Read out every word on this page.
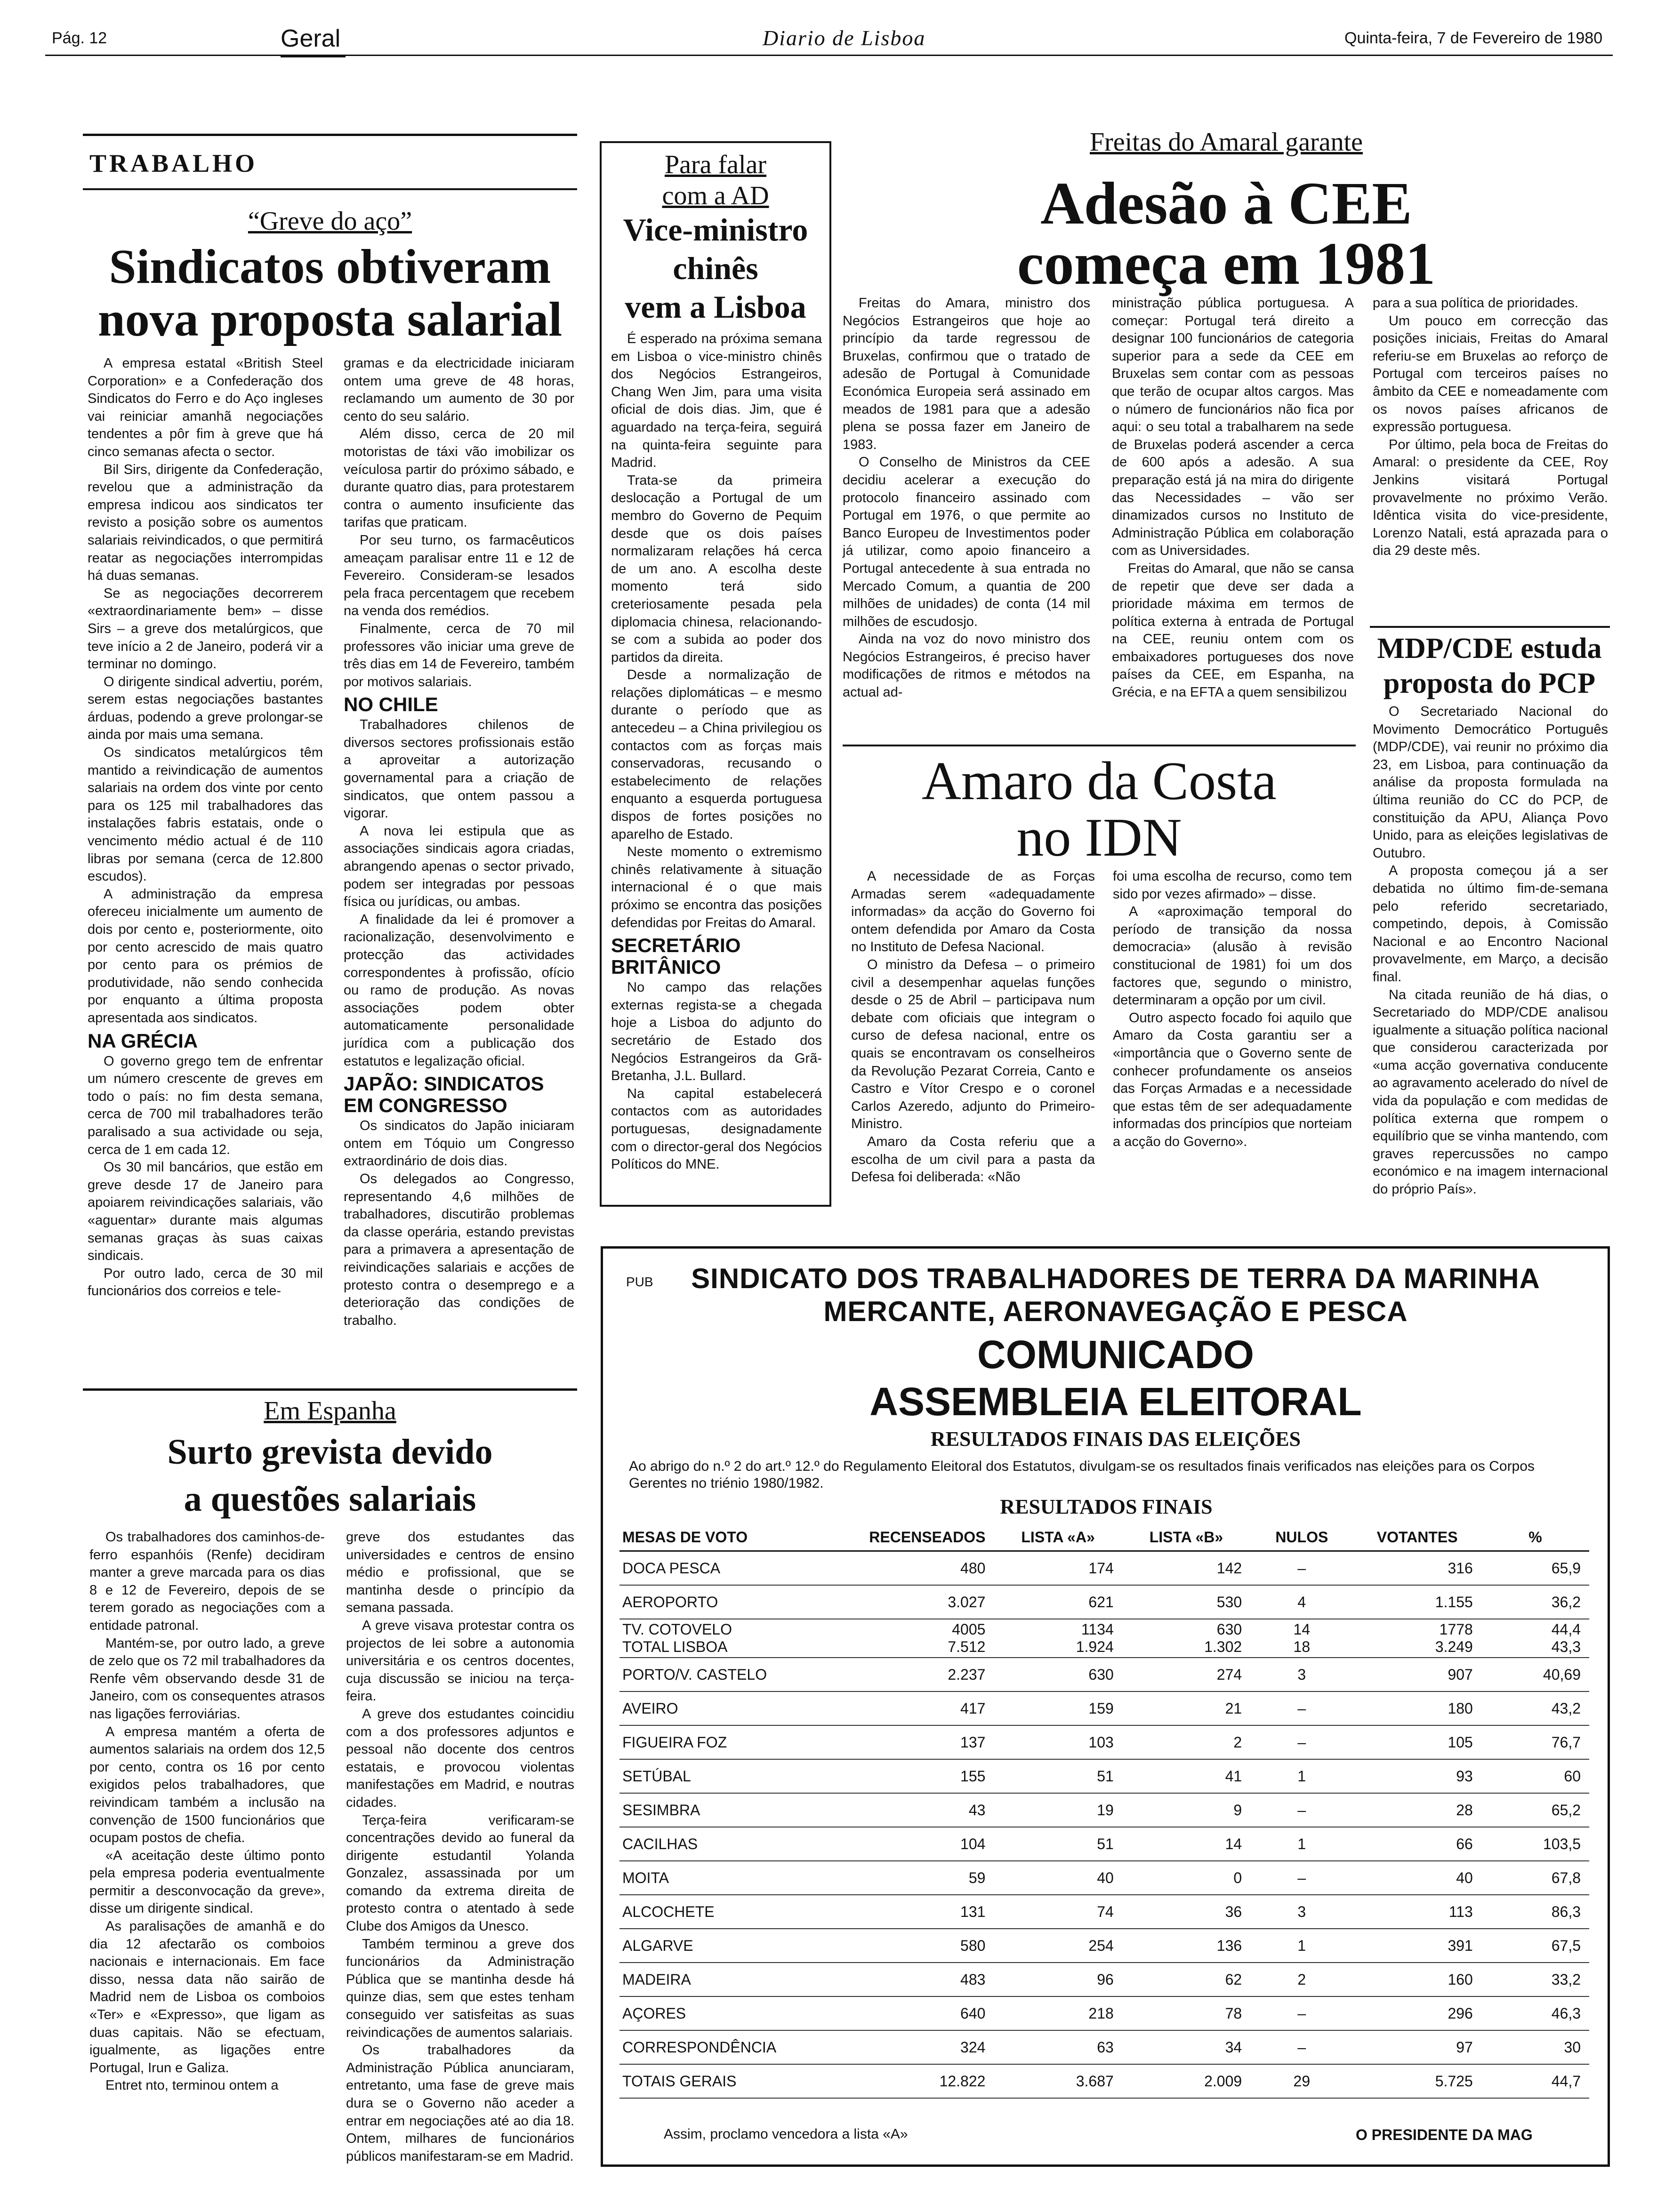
Pág. 12	Geral	Diario de Lisboa	Quinta-feira, 7 de Fevereiro de 1980
TRABALHO
“Greve do aço”
Sindicatos obtiveram
nova proposta salarial

A empresa estatal «British Steel Corporation» e a Confederação dos Sindicatos do Ferro e do Aço ingleses vai reiniciar amanhã negociações tendentes a pôr fim à greve que há cinco semanas afecta o sector.

Bil Sirs, dirigente da Confederação, revelou que a administração da empresa indicou aos sindicatos ter revisto a posição sobre os aumentos salariais reivindicados, o que permitirá reatar as negociações interrompidas há duas semanas.

Se as negociações decorrerem «extraordinariamente bem» – disse Sirs – a greve dos metalúrgicos, que teve início a 2 de Janeiro, poderá vir a terminar no domingo.

O dirigente sindical advertiu, porém, serem estas negociações bastantes árduas, podendo a greve prolongar-se ainda por mais uma semana.

Os sindicatos metalúrgicos têm mantido a reivindicação de aumentos salariais na ordem dos vinte por cento para os 125 mil trabalhadores das instalações fabris estatais, onde o vencimento médio actual é de 110 libras por semana (cerca de 12.800 escudos).

A administração da empresa ofereceu inicialmente um aumento de dois por cento e, posteriormente, oito por cento acrescido de mais quatro por cento para os prémios de produtividade, não sendo conhecida por enquanto a última proposta apresentada aos sindicatos.

NA GRÉCIA

O governo grego tem de enfrentar um número crescente de greves em todo o país: no fim desta semana, cerca de 700 mil trabalhadores terão paralisado a sua actividade ou seja, cerca de 1 em cada 12.

Os 30 mil bancários, que estão em greve desde 17 de Janeiro para apoiarem reivindicações salariais, vão «aguentar» durante mais algumas semanas graças às suas caixas sindicais.

Por outro lado, cerca de 30 mil funcionários dos correios e tele-

gramas e da electricidade iniciaram ontem uma greve de 48 horas, reclamando um aumento de 30 por cento do seu salário.

Além disso, cerca de 20 mil motoristas de táxi vão imobilizar os veículosa partir do próximo sábado, e durante quatro dias, para protestarem contra o aumento insuficiente das tarifas que praticam.

Por seu turno, os farmacêuticos ameaçam paralisar entre 11 e 12 de Fevereiro. Consideram-se lesados pela fraca percentagem que recebem na venda dos remédios.

Finalmente, cerca de 70 mil professores vão iniciar uma greve de três dias em 14 de Fevereiro, também por motivos salariais.

NO CHILE

Trabalhadores chilenos de diversos sectores profissionais estão a aproveitar a autorização governamental para a criação de sindicatos, que ontem passou a vigorar.

A nova lei estipula que as associações sindicais agora criadas, abrangendo apenas o sector privado, podem ser integradas por pessoas física ou jurídicas, ou ambas.

A finalidade da lei é promover a racionalização, desenvolvimento e protecção das actividades correspondentes à profissão, ofício ou ramo de produção. As novas associações podem obter automaticamente personalidade jurídica com a publicação dos estatutos e legalização oficial.

JAPÃO: SINDICATOS
EM CONGRESSO

Os sindicatos do Japão iniciaram ontem em Tóquio um Congresso extraordinário de dois dias.

Os delegados ao Congresso, representando 4,6 milhões de trabalhadores, discutirão problemas da classe operária, estando previstas para a primavera a apresentação de reivindicações salariais e acções de protesto contra o desemprego e a deterioração das condições de trabalho.

Em Espanha
Surto grevista devido
a questões salariais

Os trabalhadores dos caminhos-de-ferro espanhóis (Renfe) decidiram manter a greve marcada para os dias 8 e 12 de Fevereiro, depois de se terem gorado as negociações com a entidade patronal.

Mantém-se, por outro lado, a greve de zelo que os 72 mil trabalhadores da Renfe vêm observando desde 31 de Janeiro, com os consequentes atrasos nas ligações ferroviárias.

A empresa mantém a oferta de aumentos salariais na ordem dos 12,5 por cento, contra os 16 por cento exigidos pelos trabalhadores, que reivindicam também a inclusão na convenção de 1500 funcionários que ocupam postos de chefia.

«A aceitação deste último ponto pela empresa poderia eventualmente permitir a desconvocação da greve», disse um dirigente sindical.

As paralisações de amanhã e do dia 12 afectarão os comboios nacionais e internacionais. Em face disso, nessa data não sairão de Madrid nem de Lisboa os comboios «Ter» e «Expresso», que ligam as duas capitais. Não se efectuam, igualmente, as ligações entre Portugal, Irun e Galiza.

Entret nto, terminou ontem a

greve dos estudantes das universidades e centros de ensino médio e profissional, que se mantinha desde o princípio da semana passada.

A greve visava protestar contra os projectos de lei sobre a autonomia universitária e os centros docentes, cuja discussão se iniciou na terça-feira.

A greve dos estudantes coincidiu com a dos professores adjuntos e pessoal não docente dos centros estatais, e provocou violentas manifestações em Madrid, e noutras cidades.

Terça-feira verificaram-se concentrações devido ao funeral da dirigente estudantil Yolanda Gonzalez, assassinada por um comando da extrema direita de protesto contra o atentado à sede Clube dos Amigos da Unesco.

Também terminou a greve dos funcionários da Administração Pública que se mantinha desde há quinze dias, sem que estes tenham conseguido ver satisfeitas as suas reivindicações de aumentos salariais.

Os trabalhadores da Administração Pública anunciaram, entretanto, uma fase de greve mais dura se o Governo não aceder a entrar em negociações até ao dia 18. Ontem, milhares de funcionários públicos manifestaram-se em Madrid.

Para falar
com a AD
Vice-ministro
chinês
vem a Lisboa

É esperado na próxima semana em Lisboa o vice-ministro chinês dos Negócios Estrangeiros, Chang Wen Jim, para uma visita oficial de dois dias. Jim, que é aguardado na terça-feira, seguirá na quinta-feira seguinte para Madrid.

Trata-se da primeira deslocação a Portugal de um membro do Governo de Pequim desde que os dois países normalizaram relações há cerca de um ano. A escolha deste momento terá sido creteriosamente pesada pela diplomacia chinesa, relacionando-se com a subida ao poder dos partidos da direita.

Desde a normalização de relações diplomáticas – e mesmo durante o período que as antecedeu – a China privilegiou os contactos com as forças mais conservadoras, recusando o estabelecimento de relações enquanto a esquerda portuguesa dispos de fortes posições no aparelho de Estado.

Neste momento o extremismo chinês relativamente à situação internacional é o que mais próximo se encontra das posições defendidas por Freitas do Amaral.

SECRETÁRIO
BRITÂNICO

No campo das relações externas regista-se a chegada hoje a Lisboa do adjunto do secretário de Estado dos Negócios Estrangeiros da Grã-Bretanha, J.L. Bullard.

Na capital estabelecerá contactos com as autoridades portuguesas, designadamente com o director-geral dos Negócios Políticos do MNE.

Freitas do Amaral garante
Adesão à CEE
começa em 1981

Freitas do Amara, ministro dos Negócios Estrangeiros que hoje ao princípio da tarde regressou de Bruxelas, confirmou que o tratado de adesão de Portugal à Comunidade Económica Europeia será assinado em meados de 1981 para que a adesão plena se possa fazer em Janeiro de 1983.

O Conselho de Ministros da CEE decidiu acelerar a execução do protocolo financeiro assinado com Portugal em 1976, o que permite ao Banco Europeu de Investimentos poder já utilizar, como apoio financeiro a Portugal antecedente à sua entrada no Mercado Comum, a quantia de 200 milhões de unidades) de conta (14 mil milhões de escudosjo.

Ainda na voz do novo ministro dos Negócios Estrangeiros, é preciso haver modificações de ritmos e métodos na actual ad-

ministração pública portuguesa. A começar: Portugal terá direito a designar 100 funcionários de categoria superior para a sede da CEE em Bruxelas sem contar com as pessoas que terão de ocupar altos cargos. Mas o número de funcionários não fica por aqui: o seu total a trabalharem na sede de Bruxelas poderá ascender a cerca de 600 após a adesão. A sua preparação está já na mira do dirigente das Necessidades – vão ser dinamizados cursos no Instituto de Administração Pública em colaboração com as Universidades.

Freitas do Amaral, que não se cansa de repetir que deve ser dada a prioridade máxima em termos de política externa à entrada de Portugal na CEE, reuniu ontem com os embaixadores portugueses dos nove países da CEE, em Espanha, na Grécia, e na EFTA a quem sensibilizou

para a sua política de prioridades.

Um pouco em correcção das posições iniciais, Freitas do Amaral referiu-se em Bruxelas ao reforço de Portugal com terceiros países no âmbito da CEE e nomeadamente com os novos países africanos de expressão portuguesa.

Por último, pela boca de Freitas do Amaral: o presidente da CEE, Roy Jenkins visitará Portugal provavelmente no próximo Verão. Idêntica visita do vice-presidente, Lorenzo Natali, está aprazada para o dia 29 deste mês.

Amaro da Costa
no IDN

A necessidade de as Forças Armadas serem «adequadamente informadas» da acção do Governo foi ontem defendida por Amaro da Costa no Instituto de Defesa Nacional.

O ministro da Defesa – o primeiro civil a desempenhar aquelas funções desde o 25 de Abril – participava num debate com oficiais que integram o curso de defesa nacional, entre os quais se encontravam os conselheiros da Revolução Pezarat Correia, Canto e Castro e Vítor Crespo e o coronel Carlos Azeredo, adjunto do Primeiro-Ministro.

Amaro da Costa referiu que a escolha de um civil para a pasta da Defesa foi deliberada: «Não

foi uma escolha de recurso, como tem sido por vezes afirmado» – disse.

A «aproximação temporal do período de transição da nossa democracia» (alusão à revisão constitucional de 1981) foi um dos factores que, segundo o ministro, determinaram a opção por um civil.

Outro aspecto focado foi aquilo que Amaro da Costa garantiu ser a «importância que o Governo sente de conhecer profundamente os anseios das Forças Armadas e a necessidade que estas têm de ser adequadamente informadas dos princípios que norteiam a acção do Governo».

MDP/CDE estuda
proposta do PCP

O Secretariado Nacional do Movimento Democrático Português (MDP/CDE), vai reunir no próximo dia 23, em Lisboa, para continuação da análise da proposta formulada na última reunião do CC do PCP, de constituição da APU, Aliança Povo Unido, para as eleições legislativas de Outubro.

A proposta começou já a ser debatida no último fim-de-semana pelo referido secretariado, competindo, depois, à Comissão Nacional e ao Encontro Nacional provavelmente, em Março, a decisão final.

Na citada reunião de há dias, o Secretariado do MDP/CDE analisou igualmente a situação política nacional que considerou caracterizada por «uma acção governativa conducente ao agravamento acelerado do nível de vida da população e com medidas de política externa que rompem o equilíbrio que se vinha mantendo, com graves repercussões no campo económico e na imagem internacional do próprio País».

PUB	SINDICATO DOS TRABALHADORES DE TERRA DA MARINHA
MERCANTE, AERONAVEGAÇÃO E PESCA
COMUNICADO
ASSEMBLEIA ELEITORAL
RESULTADOS FINAIS DAS ELEIÇÕES
Ao abrigo do n.º 2 do art.º 12.º do Regulamento Eleitoral dos Estatutos, divulgam-se os resultados finais verificados nas eleições para os Corpos Gerentes no triénio 1980/1982.
RESULTADOS FINAIS
MESAS DE VOTO	RECENSEADOS	LISTA «A»	LISTA «B»	NULOS	VOTANTES	%
DOCA PESCA	480	174	142	–	316	65,9
AEROPORTO	3.027	621	530	4	1.155	36,2
TV. COTOVELO	4005	1134	630	14	1778	44,4
TOTAL LISBOA	7.512	1.924	1.302	18	3.249	43,3
PORTO/V. CASTELO	2.237	630	274	3	907	40,69
AVEIRO	417	159	21	–	180	43,2
FIGUEIRA FOZ	137	103	2	–	105	76,7
SETÚBAL	155	51	41	1	93	60
SESIMBRA	43	19	9	–	28	65,2
CACILHAS	104	51	14	1	66	103,5
MOITA	59	40	0	–	40	67,8
ALCOCHETE	131	74	36	3	113	86,3
ALGARVE	580	254	136	1	391	67,5
MADEIRA	483	96	62	2	160	33,2
AÇORES	640	218	78	–	296	46,3
CORRESPONDÊNCIA	324	63	34	–	97	30
TOTAIS GERAIS	12.822	3.687	2.009	29	5.725	44,7
Assim, proclamo vencedora a lista «A»	O PRESIDENTE DA MAG
